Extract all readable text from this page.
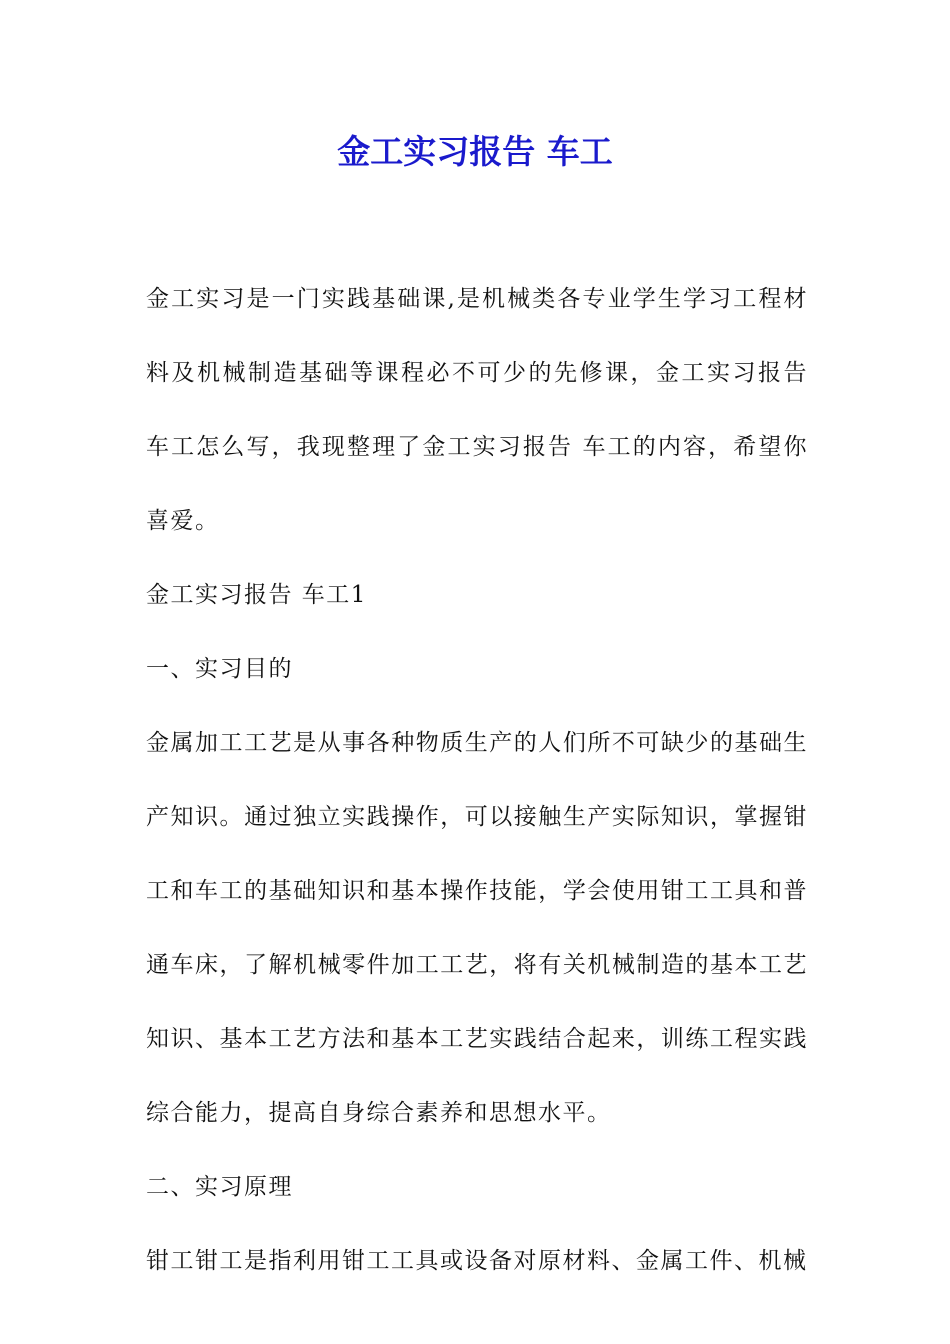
金工实习报告 车工

金工实习是一门实践基础课,是机械类各专业学生学习工程材料及机械制造基础等课程必不可少的先修课，金工实习报告 车工怎么写，我现整理了金工实习报告 车工的内容，希望你喜爱。

金工实习报告 车工1

一、实习目的

金属加工工艺是从事各种物质生产的人们所不可缺少的基础生产知识。通过独立实践操作，可以接触生产实际知识，掌握钳工和车工的基础知识和基本操作技能，学会使用钳工工具和普通车床，了解机械零件加工工艺，将有关机械制造的基本工艺知识、基本工艺方法和基本工艺实践结合起来，训练工程实践综合能力，提高自身综合素养和思想水平。

二、实习原理

钳工钳工是指利用钳工工具或设备对原材料、金属工件、机械
